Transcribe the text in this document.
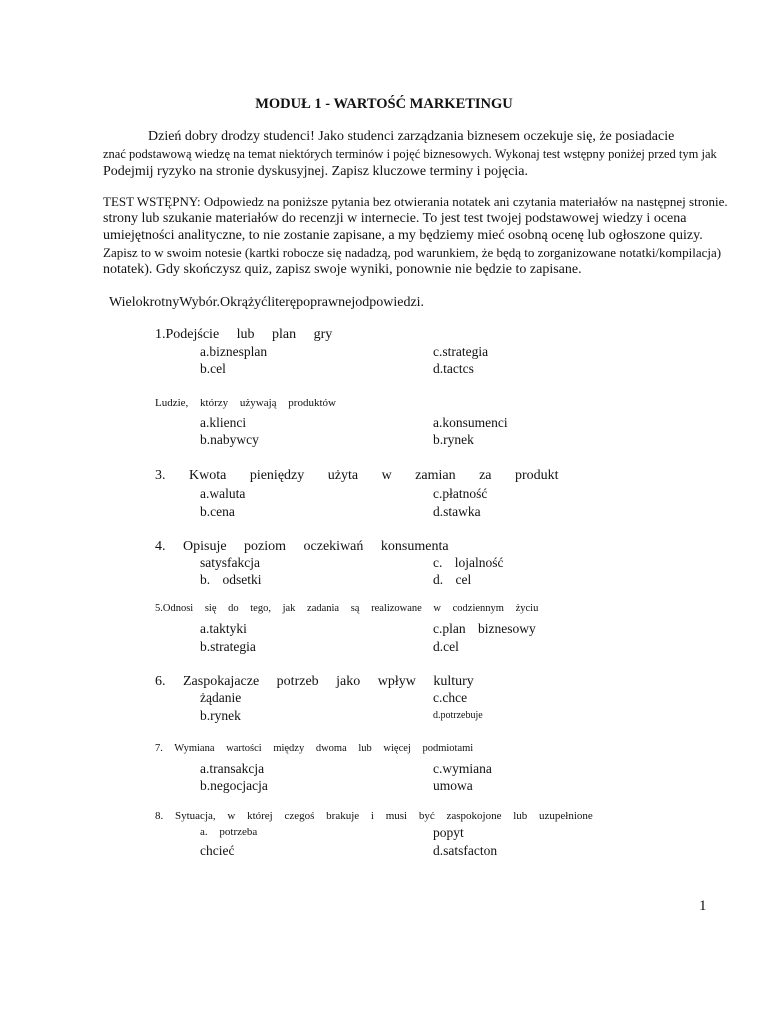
MODUŁ 1 - WARTOŚĆ MARKETINGU
Dzień dobry drodzy studenci! Jako studenci zarządzania biznesem oczekuje się, że posiadacie
znać podstawową wiedzę na temat niektórych terminów i pojęć biznesowych. Wykonaj test wstępny poniżej przed tym jak
Podejmij ryzyko na stronie dyskusyjnej. Zapisz kluczowe terminy i pojęcia.
TEST WSTĘPNY: Odpowiedz na poniższe pytania bez otwierania notatek ani czytania materiałów na następnej stronie.
strony lub szukanie materiałów do recenzji w internecie. To jest test twojej podstawowej wiedzy i ocena
umiejętności analityczne, to nie zostanie zapisane, a my będziemy mieć osobną ocenę lub ogłoszone quizy.
Zapisz to w swoim notesie (kartki robocze się nadadzą, pod warunkiem, że będą to zorganizowane notatki/kompilacja)
notatek). Gdy skończysz quiz, zapisz swoje wyniki, ponownie nie będzie to zapisane.
WielokrotnyWybór.Okrążyćliterępoprawnejodpowiedzi.
1.Podejście lub plan gry
a.biznesplan	c.strategia
b.cel	d.tactcs
Ludzie, którzy używają produktów
a.klienci	a.konsumenci
b.nabywcy	b.rynek
3. Kwota pieniędzy użyta w zamian za produkt
a.waluta	c.płatność
b.cena	d.stawka
4. Opisuje poziom oczekiwań konsumenta
satysfakcja	c. lojalność
b. odsetki	d. cel
5.Odnosi się do tego, jak zadania są realizowane w codziennym życiu
a.taktyki	c.plan biznesowy
b.strategia	d.cel
6. Zaspokajacze potrzeb jako wpływ kultury
żądanie	c.chce
b.rynek	d.potrzebuje
7. Wymiana wartości między dwoma lub więcej podmiotami
a.transakcja	c.wymiana
b.negocjacja	umowa
8. Sytuacja, w której czegoś brakuje i musi być zaspokojone lub uzupełnione
a. potrzeba	popyt
chcieć	d.satsfacton
1
